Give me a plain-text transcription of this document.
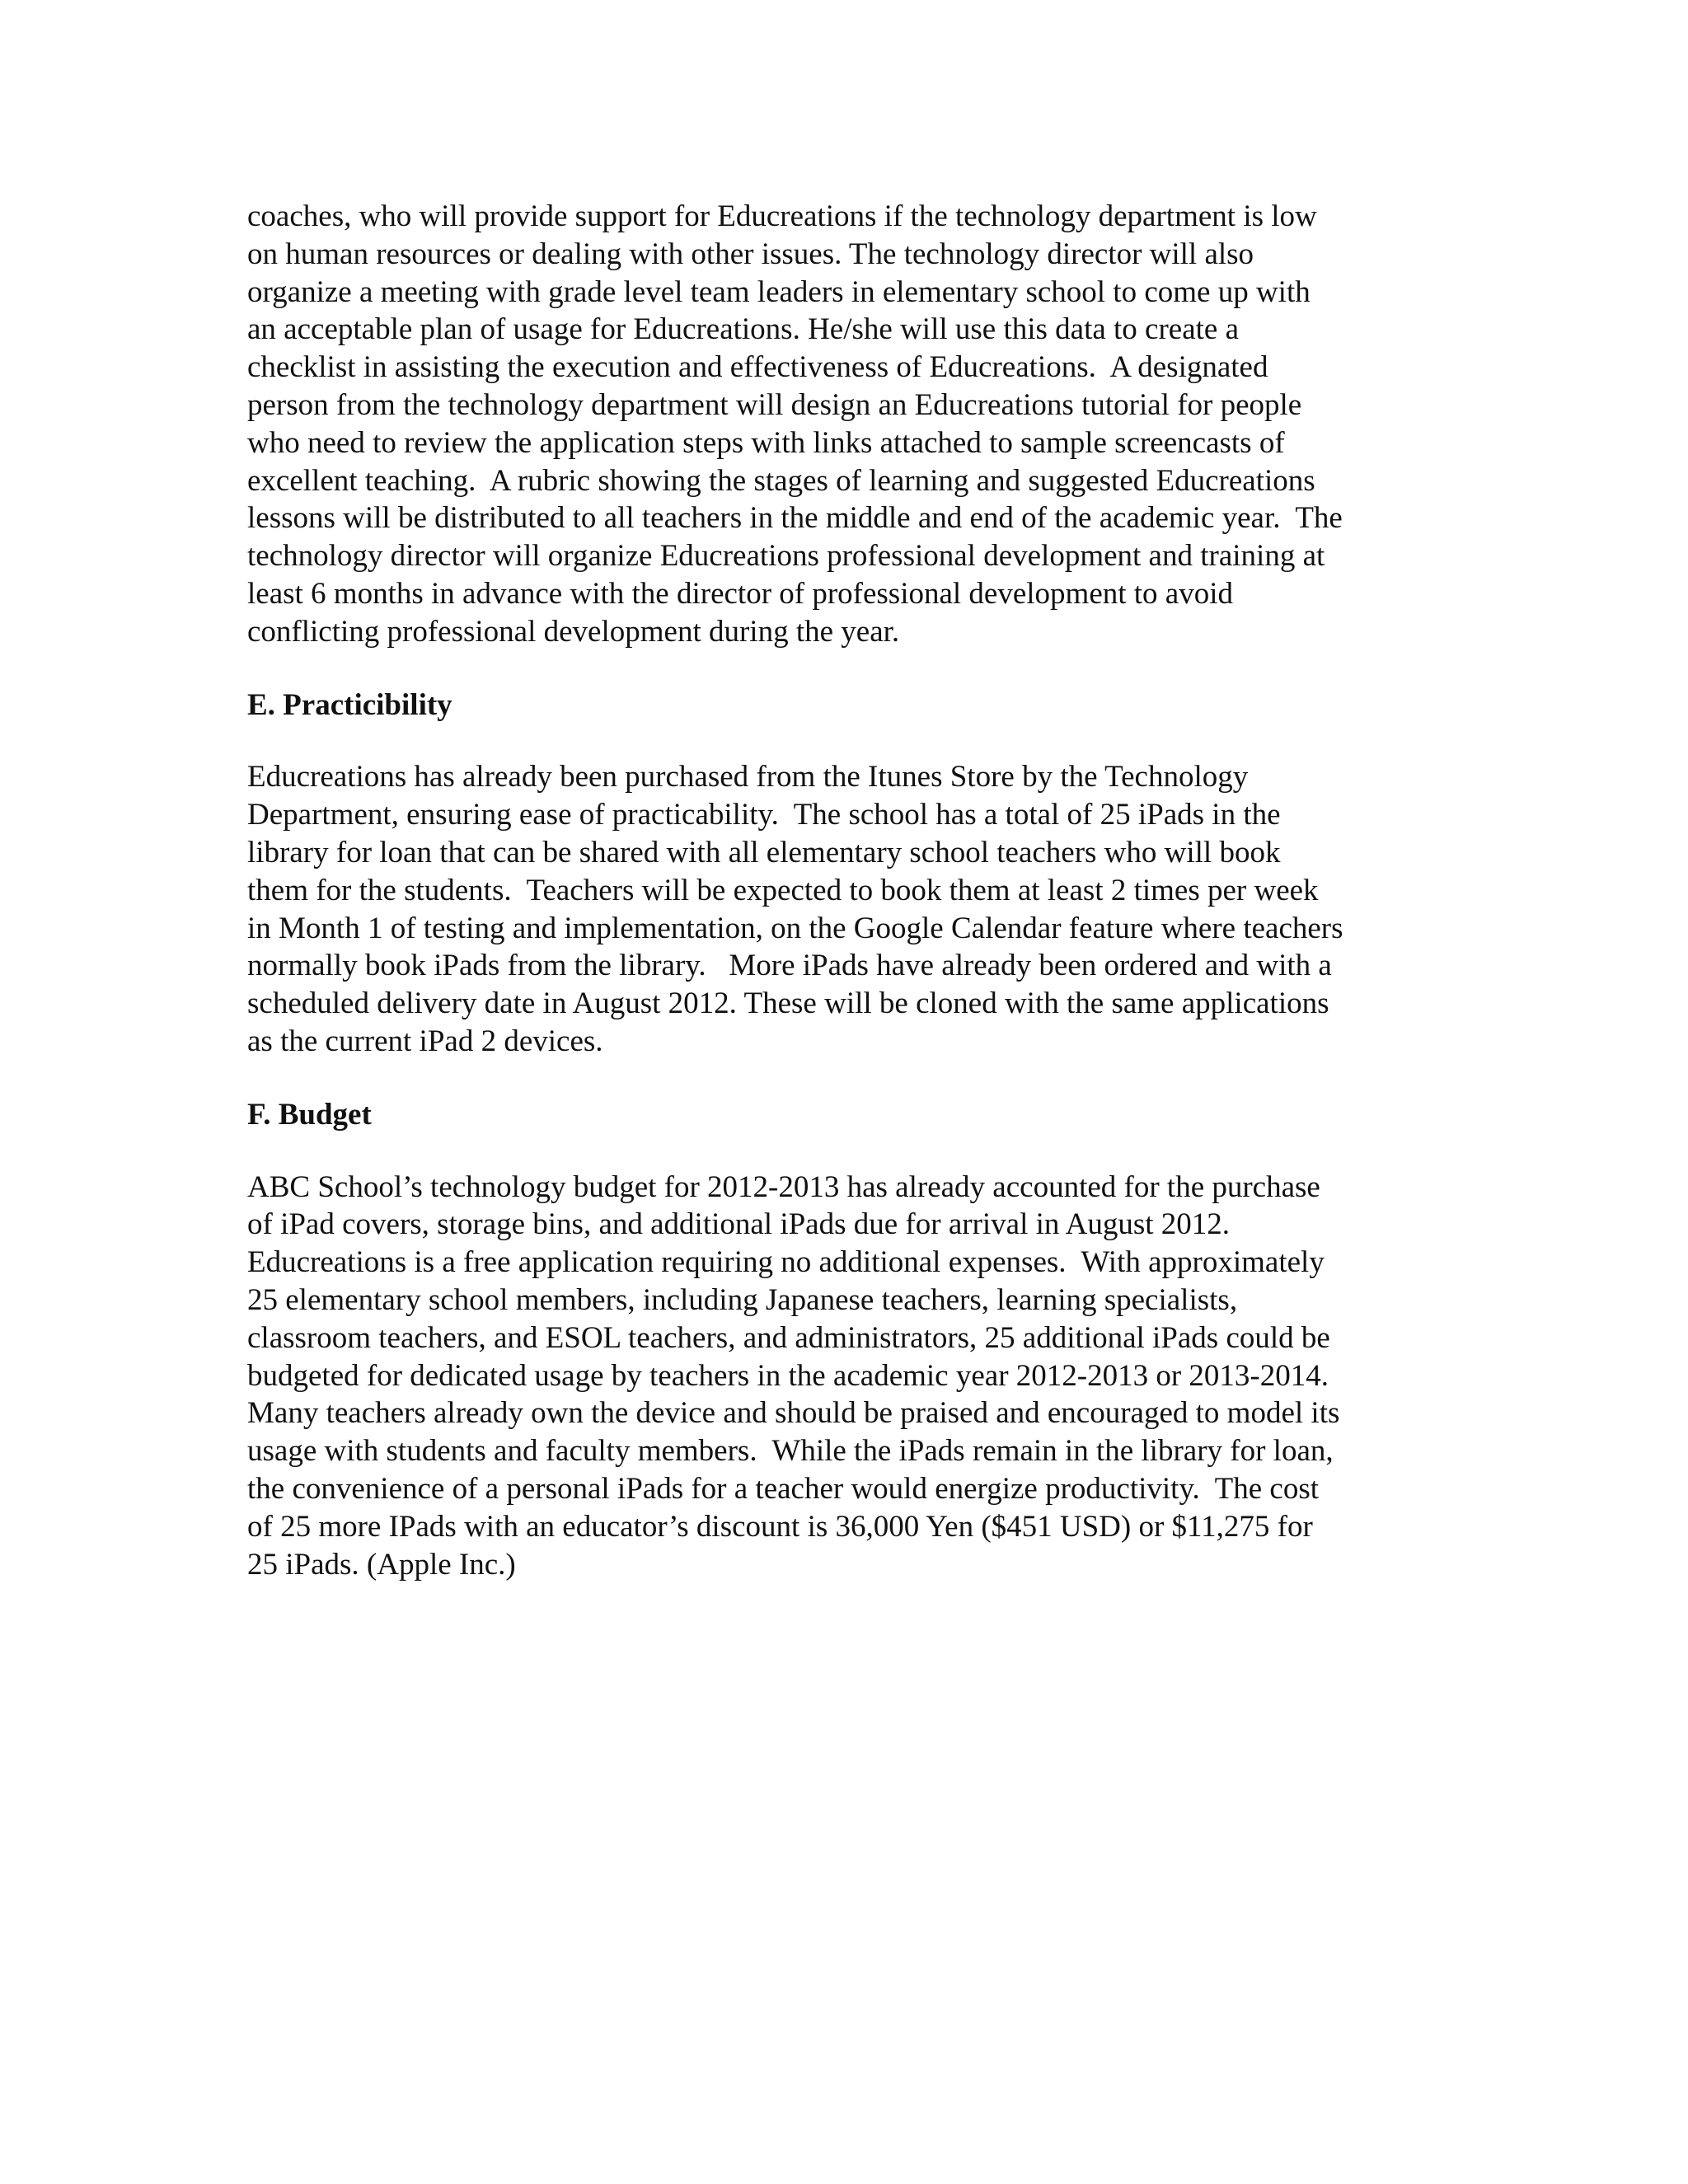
coaches, who will provide support for Educreations if the technology department is low
on human resources or dealing with other issues. The technology director will also
organize a meeting with grade level team leaders in elementary school to come up with
an acceptable plan of usage for Educreations. He/she will use this data to create a
checklist in assisting the execution and effectiveness of Educreations.  A designated
person from the technology department will design an Educreations tutorial for people
who need to review the application steps with links attached to sample screencasts of
excellent teaching.  A rubric showing the stages of learning and suggested Educreations
lessons will be distributed to all teachers in the middle and end of the academic year.  The
technology director will organize Educreations professional development and training at
least 6 months in advance with the director of professional development to avoid
conflicting professional development during the year.
E. Practicibility
Educreations has already been purchased from the Itunes Store by the Technology
Department, ensuring ease of practicability.  The school has a total of 25 iPads in the
library for loan that can be shared with all elementary school teachers who will book
them for the students.  Teachers will be expected to book them at least 2 times per week
in Month 1 of testing and implementation, on the Google Calendar feature where teachers
normally book iPads from the library.   More iPads have already been ordered and with a
scheduled delivery date in August 2012. These will be cloned with the same applications
as the current iPad 2 devices.
F. Budget
ABC School’s technology budget for 2012-2013 has already accounted for the purchase
of iPad covers, storage bins, and additional iPads due for arrival in August 2012.
Educreations is a free application requiring no additional expenses.  With approximately
25 elementary school members, including Japanese teachers, learning specialists,
classroom teachers, and ESOL teachers, and administrators, 25 additional iPads could be
budgeted for dedicated usage by teachers in the academic year 2012-2013 or 2013-2014.
Many teachers already own the device and should be praised and encouraged to model its
usage with students and faculty members.  While the iPads remain in the library for loan,
the convenience of a personal iPads for a teacher would energize productivity.  The cost
of 25 more IPads with an educator’s discount is 36,000 Yen ($451 USD) or $11,275 for
25 iPads. (Apple Inc.)
